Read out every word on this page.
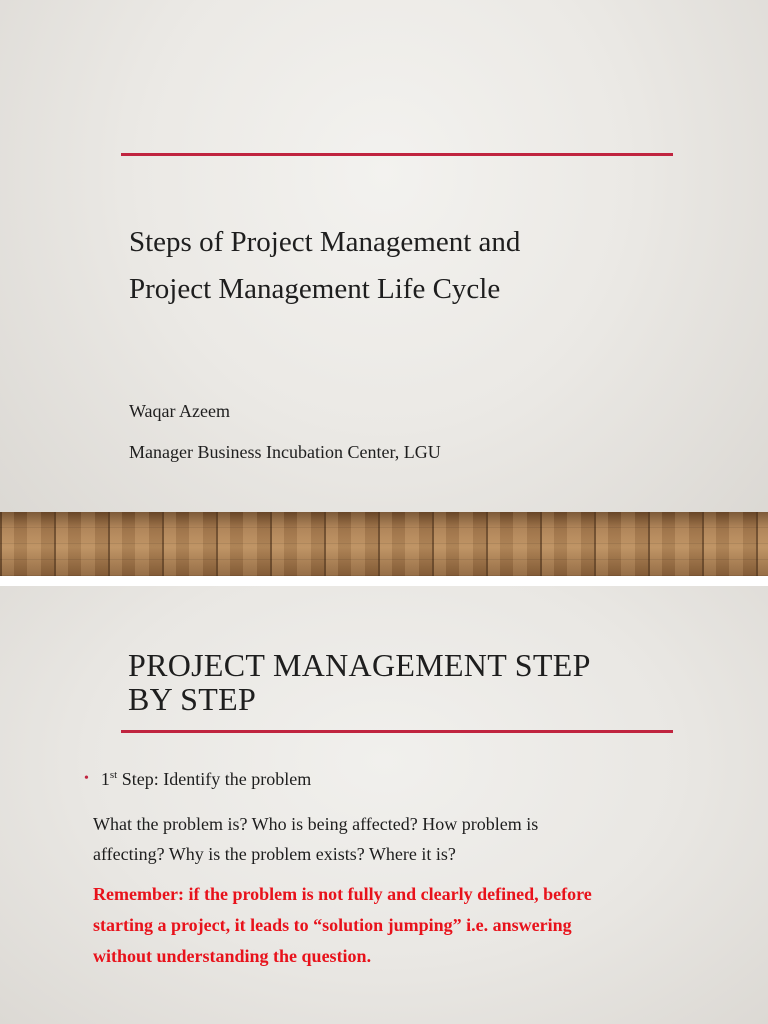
Steps of Project Management and
Project Management Life Cycle
Waqar Azeem
Manager Business Incubation Center, LGU
PROJECT MANAGEMENT STEP
BY STEP
• 1st Step: Identify the problem
What the problem is? Who is being affected? How problem is
affecting? Why is the problem exists? Where it is?
Remember: if the problem is not fully and clearly defined, before
starting a project, it leads to “solution jumping” i.e. answering
without understanding the question.
